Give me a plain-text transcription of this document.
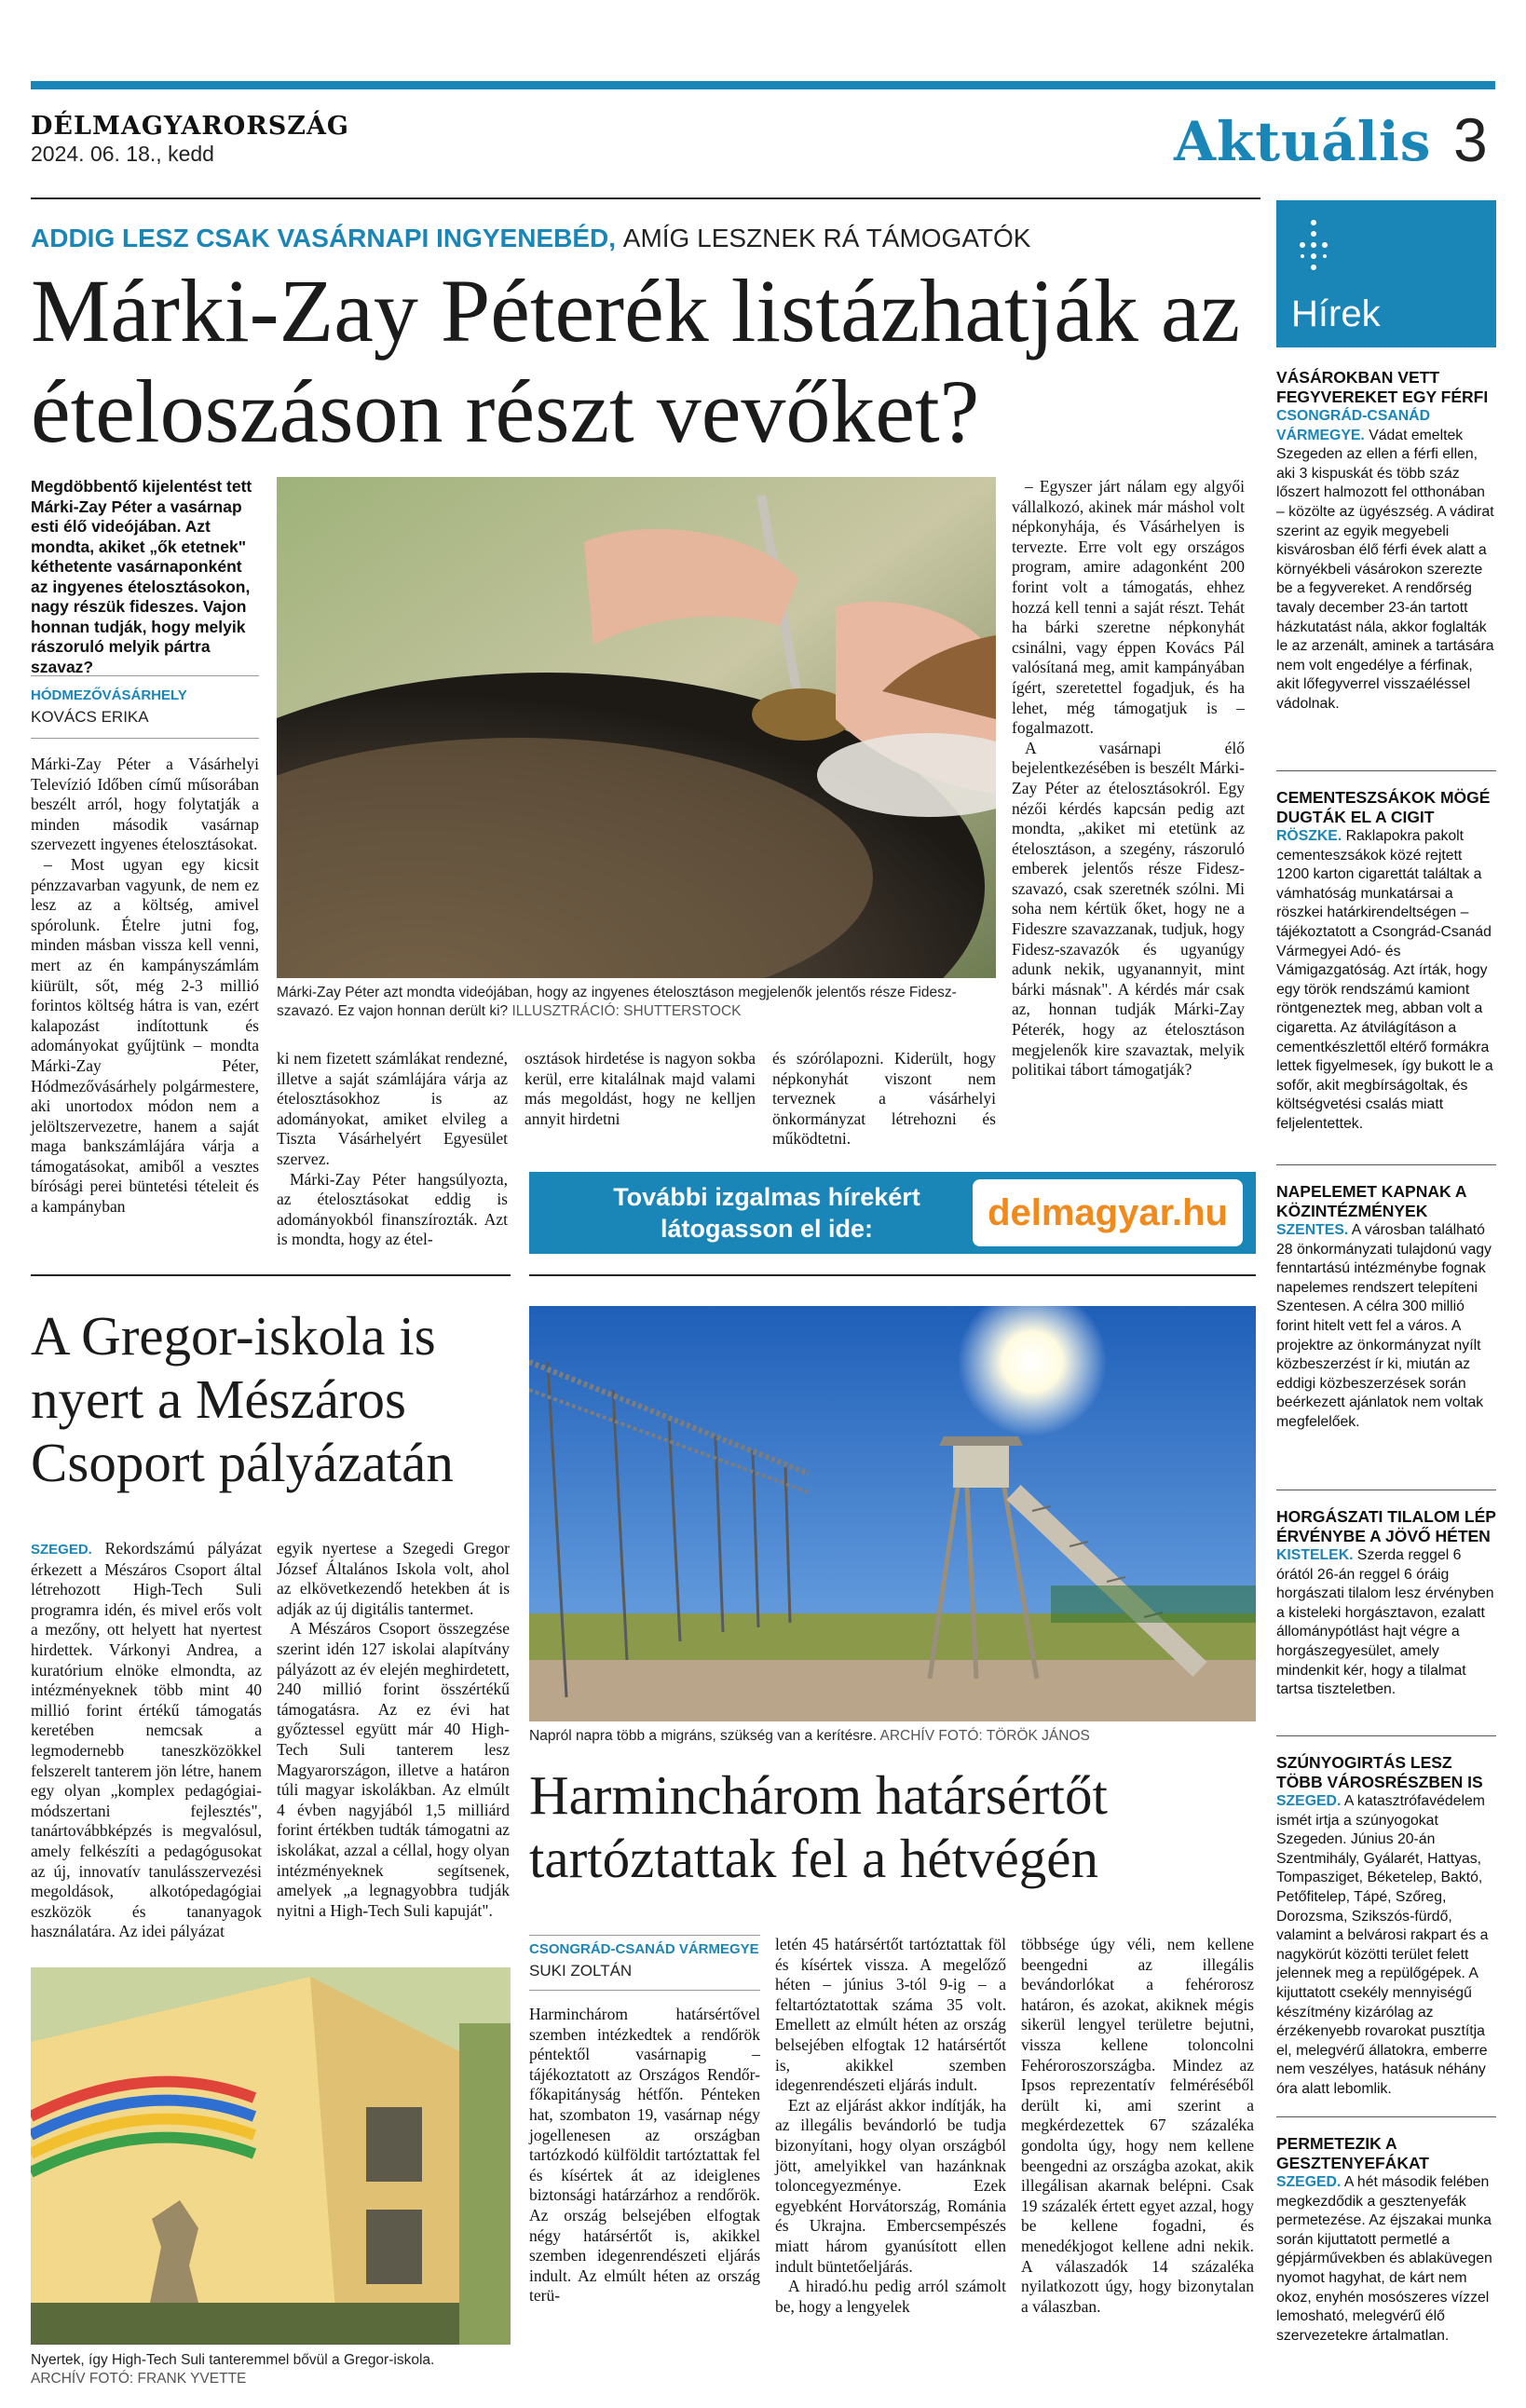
DÉLMAGYARORSZÁG
2024. 06. 18., kedd	Aktuális 3
ADDIG LESZ CSAK VASÁRNAPI INGYENEBÉD, AMÍG LESZNEK RÁ TÁMOGATÓK
Márki-Zay Péterék listázhatják az ételoszáson részt vevőket?
Megdöbbentő kijelentést tett Márki-Zay Péter a vasárnap esti élő videójában. Azt mondta, akiket „ők etetnek" kéthetente vasárnaponként az ingyenes ételosztásokon, nagy részük fideszes. Vajon honnan tudják, hogy melyik rászoruló melyik pártra szavaz?
HÓDMEZŐVÁSÁRHELY
KOVÁCS ERIKA

Márki-Zay Péter a Vásárhelyi Televízió Időben című műsorában beszélt arról, hogy folytatják a minden második vasárnap szervezett ingyenes ételosztásokat.

– Most ugyan egy kicsit pénzzavarban vagyunk, de nem ez lesz az a költség, amivel spórolunk. Ételre jutni fog, minden másban vissza kell venni, mert az én kampányszámlám kiürült, sőt, még 2-3 millió forintos költség hátra is van, ezért kalapozást indítottunk és adományokat gyűjtünk – mondta Márki-Zay Péter, Hódmezővásárhely polgármestere, aki unortodox módon nem a jelöltszervezetre, hanem a saját maga bankszámlájára várja a támogatásokat, amiből a vesztes bírósági perei büntetési tételeit és a kampányban

Márki-Zay Péter azt mondta videójában, hogy az ingyenes ételosztáson megjelenők jelentős része Fidesz-szavazó. Ez vajon honnan derült ki? ILLUSZTRÁCIÓ: SHUTTERSTOCK

ki nem fizetett számlákat rendezné, illetve a saját számlájára várja az ételosztásokhoz is az adományokat, amiket elvileg a Tiszta Vásárhelyért Egyesület szervez.

Márki-Zay Péter hangsúlyozta, az ételosztásokat eddig is adományokból finanszírozták. Azt is mondta, hogy az étel-

osztások hirdetése is nagyon sokba kerül, erre kitalálnak majd valami más megoldást, hogy ne kelljen annyit hirdetni

és szórólapozni. Kiderült, hogy népkonyhát viszont nem terveznek a vásárhelyi önkormányzat létrehozni és működtetni.

– Egyszer járt nálam egy algyői vállalkozó, akinek már máshol volt népkonyhája, és Vásárhelyen is tervezte. Erre volt egy országos program, amire adagonként 200 forint volt a támogatás, ehhez hozzá kell tenni a saját részt. Tehát ha bárki szeretne népkonyhát csinálni, vagy éppen Kovács Pál valósítaná meg, amit kampányában ígért, szeretettel fogadjuk, és ha lehet, még támogatjuk is – fogalmazott.

A vasárnapi élő bejelentkezésében is beszélt Márki-Zay Péter az ételosztásokról. Egy nézői kérdés kapcsán pedig azt mondta, „akiket mi etetünk az ételosztáson, a szegény, rászoruló emberek jelentős része Fidesz-szavazó, csak szeretnék szólni. Mi soha nem kértük őket, hogy ne a Fideszre szavazzanak, tudjuk, hogy Fidesz-szavazók és ugyanúgy adunk nekik, ugyanannyit, mint bárki másnak". A kérdés már csak az, honnan tudják Márki-Zay Péterék, hogy az ételosztáson megjelenők kire szavaztak, melyik politikai tábort támogatják?

További izgalmas hírekért látogasson el ide:	delmagyar.hu
A Gregor-iskola is nyert a Mészáros Csoport pályázatán

SZEGED. Rekordszámú pályázat érkezett a Mészáros Csoport által létrehozott High-Tech Suli programra idén, és mivel erős volt a mezőny, ott helyett hat nyertest hirdettek. Várkonyi Andrea, a kuratórium elnöke elmondta, az intézményeknek több mint 40 millió forint értékű támogatás keretében nemcsak a legmodernebb taneszközökkel felszerelt tanterem jön létre, hanem egy olyan „komplex pedagógiai-módszertani fejlesztés", tanártovábbképzés is megvalósul, amely felkészíti a pedagógusokat az új, innovatív tanulásszervezési megoldások, alkotópedagógiai eszközök és tananyagok használatára. Az idei pályázat

egyik nyertese a Szegedi Gregor József Általános Iskola volt, ahol az elkövetkezendő hetekben át is adják az új digitális tantermet.

A Mészáros Csoport összegzése szerint idén 127 iskolai alapítvány pályázott az év elején meghirdetett, 240 millió forint összértékű támogatásra. Az ez évi hat győztessel együtt már 40 High-Tech Suli tanterem lesz Magyarországon, illetve a határon túli magyar iskolákban. Az elmúlt 4 évben nagyjából 1,5 milliárd forint értékben tudták támogatni az iskolákat, azzal a céllal, hogy olyan intézményeknek segítsenek, amelyek „a legnagyobbra tudják nyitni a High-Tech Suli kapuját".

Nyertek, így High-Tech Suli tanteremmel bővül a Gregor-iskola.
ARCHÍV FOTÓ: FRANK YVETTE
Napról napra több a migráns, szükség van a kerítésre. ARCHÍV FOTÓ: TÖRÖK JÁNOS
Harminchárom határsértőt tartóztattak fel a hétvégén
CSONGRÁD-CSANÁD VÁRMEGYE
SUKI ZOLTÁN

Harminchárom határsértővel szemben intézkedtek a rendőrök péntektől vasárnapig – tájékoztatott az Országos Rendőr-főkapitányság hétfőn. Pénteken hat, szombaton 19, vasárnap négy jogellenesen az országban tartózkodó külföldit tartóztattak fel és kísértek át az ideiglenes biztonsági határzárhoz a rendőrök. Az ország belsejében elfogtak négy határsértőt is, akikkel szemben idegenrendészeti eljárás indult. Az elmúlt héten az ország terü-

letén 45 határsértőt tartóztattak föl és kísértek vissza. A megelőző héten – június 3-tól 9-ig – a feltartóztatottak száma 35 volt. Emellett az elmúlt héten az ország belsejében elfogtak 12 határsértőt is, akikkel szemben idegenrendészeti eljárás indult.

Ezt az eljárást akkor indítják, ha az illegális bevándorló be tudja bizonyítani, hogy olyan országból jött, amelyikkel van hazánknak toloncegyezménye. Ezek egyebként Horvátország, Románia és Ukrajna. Embercsempészés miatt három gyanúsított ellen indult büntetőeljárás.

A hiradó.hu pedig arról számolt be, hogy a lengyelek

többsége úgy véli, nem kellene beengedni az illegális bevándorlókat a fehérorosz határon, és azokat, akiknek mégis sikerül lengyel területre bejutni, vissza kellene toloncolni Fehéroroszországba. Mindez az Ipsos reprezentatív felméréséből derült ki, ami szerint a megkérdezettek 67 százaléka gondolta úgy, hogy nem kellene beengedni az országba azokat, akik illegálisan akarnak belépni. Csak 19 százalék értett egyet azzal, hogy be kellene fogadni, és menedékjogot kellene adni nekik. A válaszadók 14 százaléka nyilatkozott úgy, hogy bizonytalan a válaszban.

Hírek
VÁSÁROKBAN VETT FEGYVEREKET EGY FÉRFI
CSONGRÁD-CSANÁD VÁRMEGYE. Vádat emeltek Szegeden az ellen a férfi ellen, aki 3 kispuskát és több száz lőszert halmozott fel otthonában – közölte az ügyészség. A vádirat szerint az egyik megyebeli kisvárosban élő férfi évek alatt a környékbeli vásárokon szerezte be a fegyvereket. A rendőrség tavaly december 23-án tartott házkutatást nála, akkor foglalták le az arzenált, aminek a tartására nem volt engedélye a férfinak, akit lőfegyverrel visszaéléssel vádolnak.
CEMENTESZSÁKOK MÖGÉ DUGTÁK EL A CIGIT
RÖSZKE. Raklapokra pakolt cementeszsákok közé rejtett 1200 karton cigarettát találtak a vámhatóság munkatársai a röszkei határkirendeltségen – tájékoztatott a Csongrád-Csanád Vármegyei Adó- és Vámigazgatóság. Azt írták, hogy egy török rendszámú kamiont röntgeneztek meg, abban volt a cigaretta. Az átvilágításon a cementkészlettől eltérő formákra lettek figyelmesek, így bukott le a sofőr, akit megbírságoltak, és költségvetési csalás miatt feljelentettek.
NAPELEMET KAPNAK A KÖZINTÉZMÉNYEK
SZENTES. A városban található 28 önkormányzati tulajdonú vagy fenntartású intézménybe fognak napelemes rendszert telepíteni Szentesen. A célra 300 millió forint hitelt vett fel a város. A projektre az önkormányzat nyílt közbeszerzést ír ki, miután az eddigi közbeszerzések során beérkezett ajánlatok nem voltak megfelelőek.
HORGÁSZATI TILALOM LÉP ÉRVÉNYBE A JÖVŐ HÉTEN
KISTELEK. Szerda reggel 6 órától 26-án reggel 6 óráig horgászati tilalom lesz érvényben a kisteleki horgásztavon, ezalatt állománypótlást hajt végre a horgászegyesület, amely mindenkit kér, hogy a tilalmat tartsa tiszteletben.
SZÚNYOGIRTÁS LESZ TÖBB VÁROSRÉSZBEN IS
SZEGED. A katasztrófavédelem ismét irtja a szúnyogokat Szegeden. Június 20-án Szentmihály, Gyálarét, Hattyas, Tompasziget, Béketelep, Baktó, Petőfitelep, Tápé, Szőreg, Dorozsma, Szikszós-fürdő, valamint a belvárosi rakpart és a nagykörút közötti terület felett jelennek meg a repülőgépek. A kijuttatott csekély mennyiségű készítmény kizárólag az érzékenyebb rovarokat pusztítja el, melegvérű állatokra, emberre nem veszélyes, hatásuk néhány óra alatt lebomlik.
PERMETEZIK A GESZTENYEFÁKAT
SZEGED. A hét második felében megkezdődik a gesztenyefák permetezése. Az éjszakai munka során kijuttatott permetlé a gépjárművekben és ablaküvegen nyomot hagyhat, de kárt nem okoz, enyhén mosószeres vízzel lemosható, melegvérű élő szervezetekre ártalmatlan.
